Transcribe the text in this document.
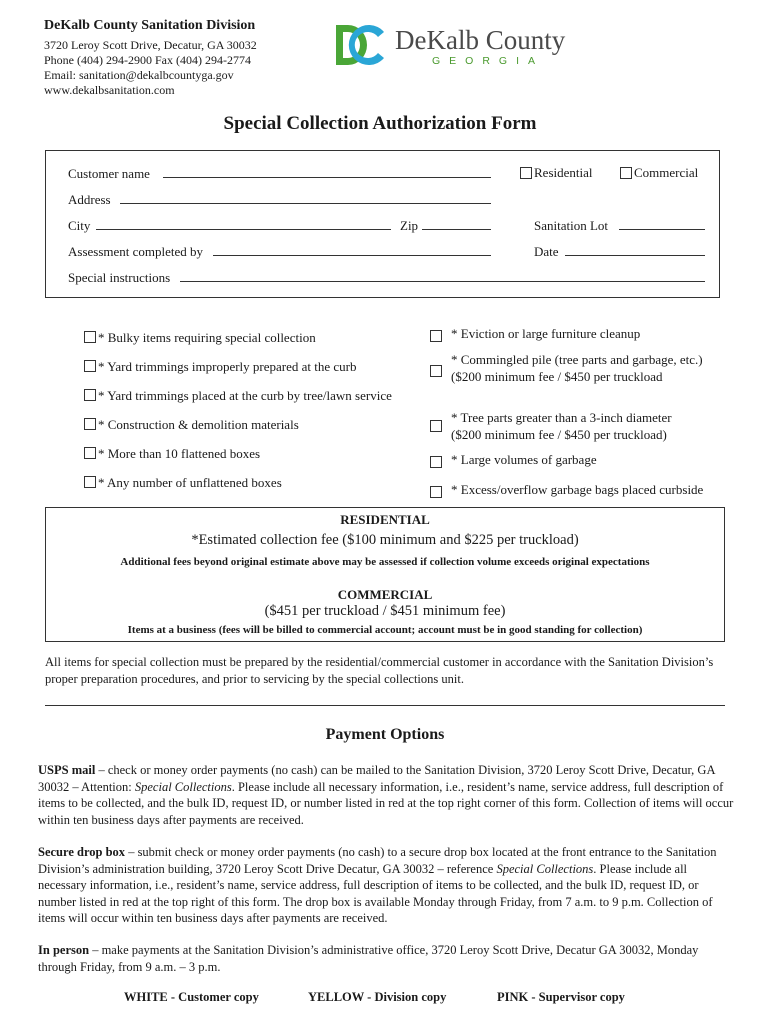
DeKalb County Sanitation Division
3720 Leroy Scott Drive, Decatur, GA 30032
Phone (404) 294-2900 Fax (404) 294-2774
Email: sanitation@dekalbcountyga.gov
www.dekalbsanitation.com
DeKalb County
GEORGIA
Special Collection Authorization Form
Customer name	Residential	Commercial
Address
City	Zip	Sanitation Lot
Assessment completed by	Date
Special instructions
* Bulky items requiring special collection
* Yard trimmings improperly prepared at the curb
* Yard trimmings placed at the curb by tree/lawn service
* Construction & demolition materials
* More than 10 flattened boxes
* Any number of unflattened boxes
* Eviction or large furniture cleanup
* Commingled pile (tree parts and garbage, etc.)
($200 minimum fee / $450 per truckload
* Tree parts greater than a 3-inch diameter
($200 minimum fee / $450 per truckload)
* Large volumes of garbage
* Excess/overflow garbage bags placed curbside
RESIDENTIAL
*Estimated collection fee ($100 minimum and $225 per truckload)
Additional fees beyond original estimate above may be assessed if collection volume exceeds original expectations
COMMERCIAL
($451 per truckload / $451 minimum fee)
Items at a business (fees will be billed to commercial account; account must be in good standing for collection)
All items for special collection must be prepared by the residential/commercial customer in accordance with the Sanitation Division’s proper preparation procedures, and prior to servicing by the special collections unit.
Payment Options
USPS mail – check or money order payments (no cash) can be mailed to the Sanitation Division, 3720 Leroy Scott Drive, Decatur, GA 30032 – Attention: Special Collections. Please include all necessary information, i.e., resident’s name, service address, full description of items to be collected, and the bulk ID, request ID, or number listed in red at the top right corner of this form. Collection of items will occur within ten business days after payments are received.
Secure drop box – submit check or money order payments (no cash) to a secure drop box located at the front entrance to the Sanitation Division’s administration building, 3720 Leroy Scott Drive Decatur, GA 30032 – reference Special Collections. Please include all necessary information, i.e., resident’s name, service address, full description of items to be collected, and the bulk ID, request ID, or number listed in red at the top right of this form. The drop box is available Monday through Friday, from 7 a.m. to 9 p.m. Collection of items will occur within ten business days after payments are received.
In person – make payments at the Sanitation Division’s administrative office, 3720 Leroy Scott Drive, Decatur GA 30032, Monday through Friday, from 9 a.m. – 3 p.m.
WHITE - Customer copy	YELLOW - Division copy	PINK - Supervisor copy
